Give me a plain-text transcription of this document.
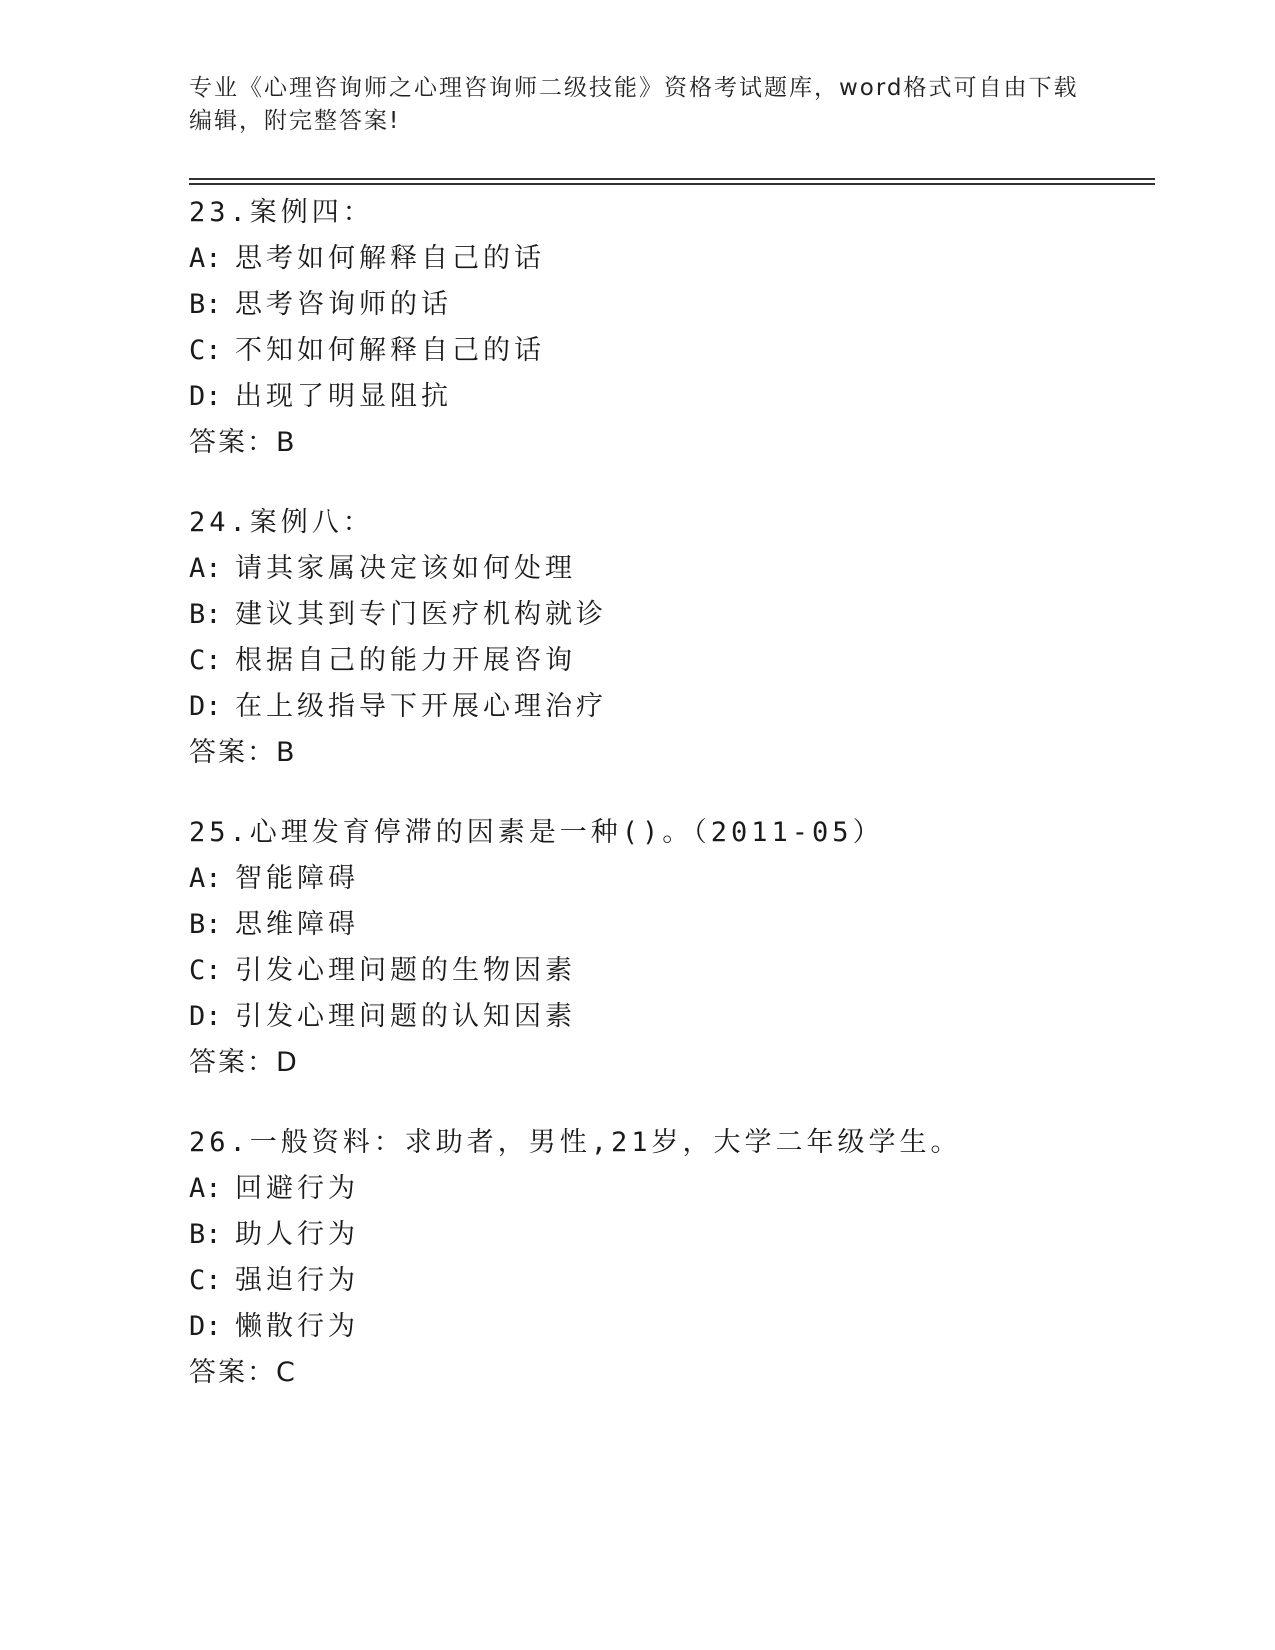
专业《心理咨询师之心理咨询师二级技能》资格考试题库，word格式可自由下载
编辑，附完整答案!
23.案例四：
A: 思考如何解释自己的话
B: 思考咨询师的话
C: 不知如何解释自己的话
D: 出现了明显阻抗
答案：B
24.案例八：
A: 请其家属决定该如何处理
B: 建议其到专门医疗机构就诊
C: 根据自己的能力开展咨询
D: 在上级指导下开展心理治疗
答案：B
25.心理发育停滞的因素是一种()。（2011-05）
A: 智能障碍
B: 思维障碍
C: 引发心理问题的生物因素
D: 引发心理问题的认知因素
答案：D
26.一般资料：求助者，男性,21岁，大学二年级学生。
A: 回避行为
B: 助人行为
C: 强迫行为
D: 懒散行为
答案：C
